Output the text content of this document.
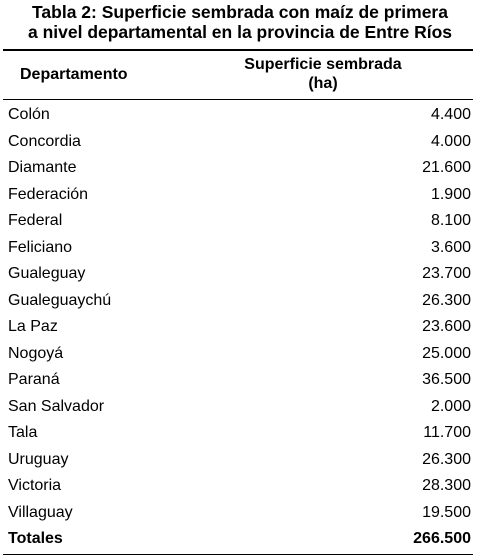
Tabla 2: Superficie sembrada con maíz de primera
a nivel departamental en la provincia de Entre Ríos
Departamento
Superficie sembrada
(ha)
Colón	4.400
Concordia	4.000
Diamante	21.600
Federación	1.900
Federal	8.100
Feliciano	3.600
Gualeguay	23.700
Gualeguaychú	26.300
La Paz	23.600
Nogoyá	25.000
Paraná	36.500
San Salvador	2.000
Tala	11.700
Uruguay	26.300
Victoria	28.300
Villaguay	19.500
Totales	266.500
